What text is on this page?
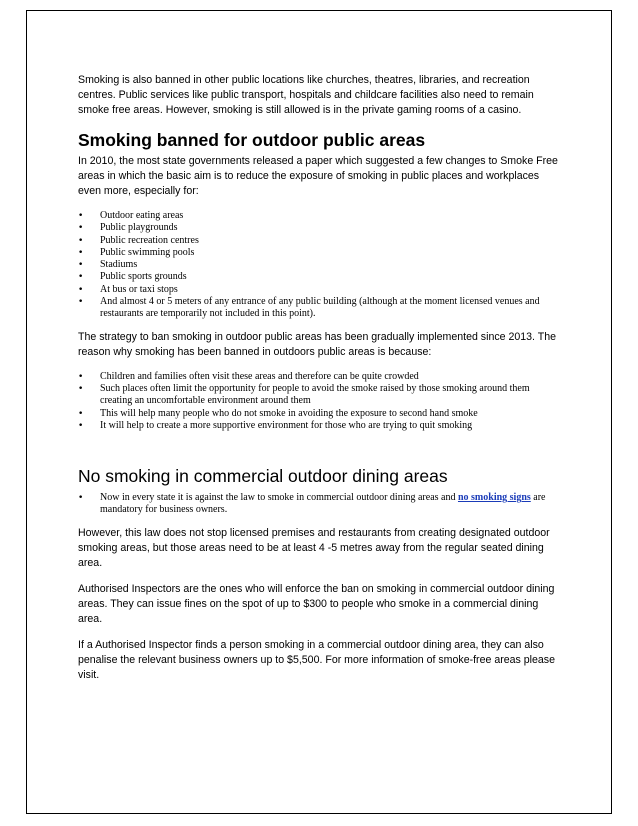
Smoking is also banned in other public locations like churches, theatres, libraries, and recreation centres. Public services like public transport, hospitals and childcare facilities also need to remain smoke free areas. However, smoking is still allowed is in the private gaming rooms of a casino.

Smoking banned for outdoor public areas

In 2010, the most state governments released a paper which suggested a few changes to Smoke Free areas in which the basic aim is to reduce the exposure of smoking in public places and workplaces even more, especially for:

•	Outdoor eating areas
•	Public playgrounds
•	Public recreation centres
•	Public swimming pools
•	Stadiums
•	Public sports grounds
•	At bus or taxi stops
•	And almost 4 or 5 meters of any entrance of any public building (although at the moment licensed venues and restaurants are temporarily not included in this point).

The strategy to ban smoking in outdoor public areas has been gradually implemented since 2013. The reason why smoking has been banned in outdoors public areas is because:

•	Children and families often visit these areas and therefore can be quite crowded
•	Such places often limit the opportunity for people to avoid the smoke raised by those smoking around them creating an uncomfortable environment around them
•	This will help many people who do not smoke in avoiding the exposure to second hand smoke
•	It will help to create a more supportive environment for those who are trying to quit smoking
No smoking in commercial outdoor dining areas
•	Now in every state it is against the law to smoke in commercial outdoor dining areas and no smoking signs are mandatory for business owners.

However, this law does not stop licensed premises and restaurants from creating designated outdoor smoking areas, but those areas need to be at least 4 -5 metres away from the regular seated dining area.

Authorised Inspectors are the ones who will enforce the ban on smoking in commercial outdoor dining areas. They can issue fines on the spot of up to $300 to people who smoke in a commercial dining area.

If a Authorised Inspector finds a person smoking in a commercial outdoor dining area, they can also penalise the relevant business owners up to $5,500. For more information of smoke-free areas please visit.
